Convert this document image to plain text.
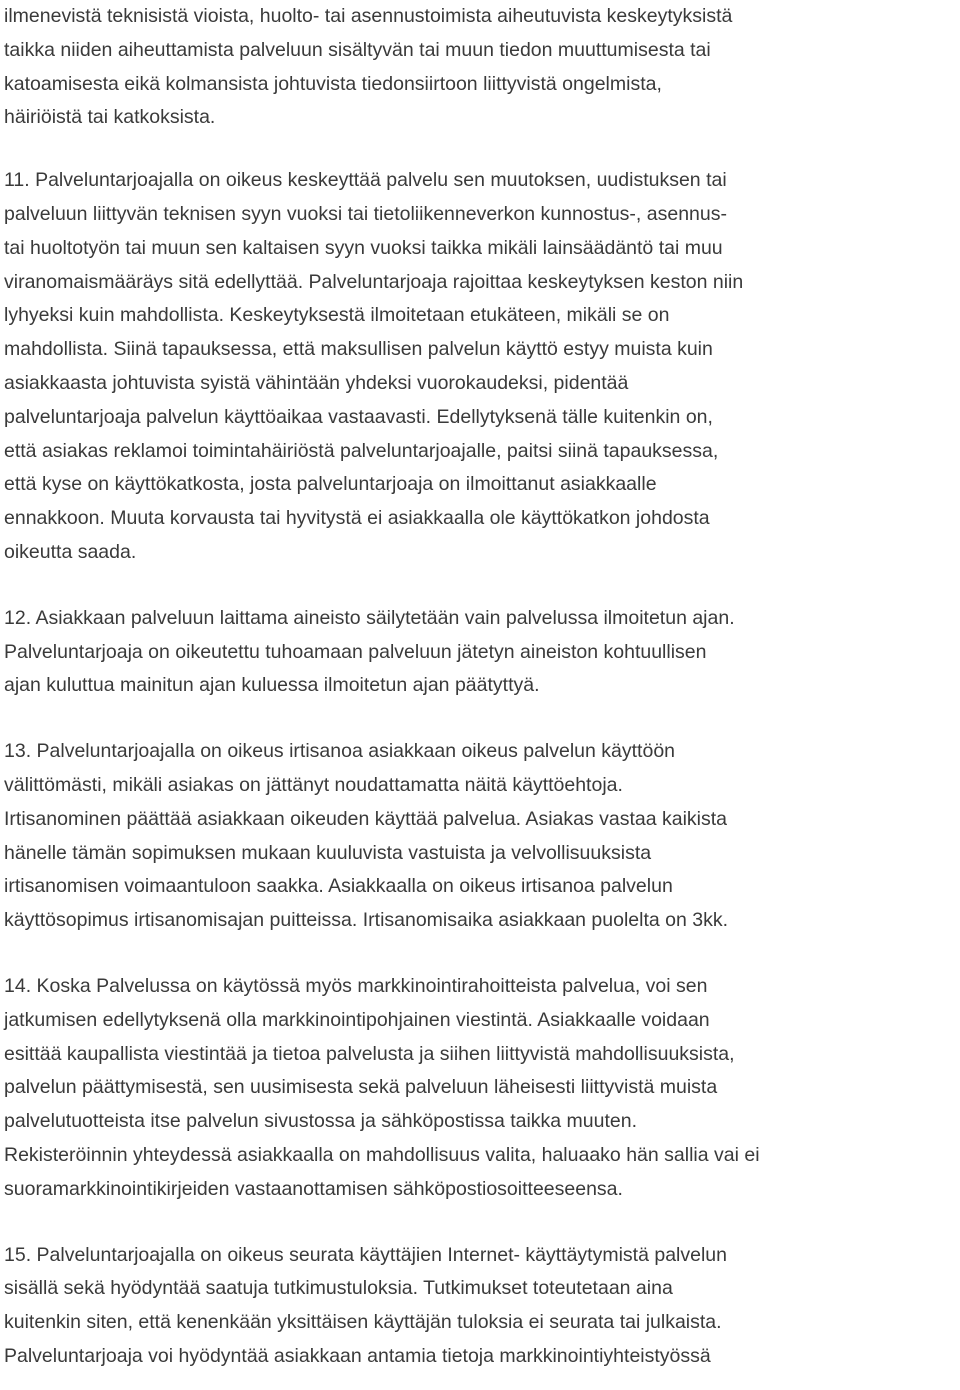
ilmenevistä teknisistä vioista, huolto- tai asennustoimista aiheutuvista keskeytyksistä
taikka niiden aiheuttamista palveluun sisältyvän tai muun tiedon muuttumisesta tai
katoamisesta eikä kolmansista johtuvista tiedonsiirtoon liittyvistä ongelmista,
häiriöistä tai katkoksista.
11. Palveluntarjoajalla on oikeus keskeyttää palvelu sen muutoksen, uudistuksen tai
palveluun liittyvän teknisen syyn vuoksi tai tietoliikenneverkon kunnostus-, asennus-
tai huoltotyön tai muun sen kaltaisen syyn vuoksi taikka mikäli lainsäädäntö tai muu
viranomaismääräys sitä edellyttää. Palveluntarjoaja rajoittaa keskeytyksen keston niin
lyhyeksi kuin mahdollista. Keskeytyksestä ilmoitetaan etukäteen, mikäli se on
mahdollista. Siinä tapauksessa, että maksullisen palvelun käyttö estyy muista kuin
asiakkaasta johtuvista syistä vähintään yhdeksi vuorokaudeksi, pidentää
palveluntarjoaja palvelun käyttöaikaa vastaavasti. Edellytyksenä tälle kuitenkin on,
että asiakas reklamoi toimintahäiriöstä palveluntarjoajalle, paitsi siinä tapauksessa,
että kyse on käyttökatkosta, josta palveluntarjoaja on ilmoittanut asiakkaalle
ennakkoon. Muuta korvausta tai hyvitystä ei asiakkaalla ole käyttökatkon johdosta
oikeutta saada.
12. Asiakkaan palveluun laittama aineisto säilytetään vain palvelussa ilmoitetun ajan.
Palveluntarjoaja on oikeutettu tuhoamaan palveluun jätetyn aineiston kohtuullisen
ajan kuluttua mainitun ajan kuluessa ilmoitetun ajan päätyttyä.
13. Palveluntarjoajalla on oikeus irtisanoa asiakkaan oikeus palvelun käyttöön
välittömästi, mikäli asiakas on jättänyt noudattamatta näitä käyttöehtoja.
Irtisanominen päättää asiakkaan oikeuden käyttää palvelua. Asiakas vastaa kaikista
hänelle tämän sopimuksen mukaan kuuluvista vastuista ja velvollisuuksista
irtisanomisen voimaantuloon saakka. Asiakkaalla on oikeus irtisanoa palvelun
käyttösopimus irtisanomisajan puitteissa. Irtisanomisaika asiakkaan puolelta on 3kk.
14. Koska Palvelussa on käytössä myös markkinointirahoitteista palvelua, voi sen
jatkumisen edellytyksenä olla markkinointipohjainen viestintä. Asiakkaalle voidaan
esittää kaupallista viestintää ja tietoa palvelusta ja siihen liittyvistä mahdollisuuksista,
palvelun päättymisestä, sen uusimisesta sekä palveluun läheisesti liittyvistä muista
palvelutuotteista itse palvelun sivustossa ja sähköpostissa taikka muuten.
Rekisteröinnin yhteydessä asiakkaalla on mahdollisuus valita, haluaako hän sallia vai ei
suoramarkkinointikirjeiden vastaanottamisen sähköpostiosoitteeseensa.
15. Palveluntarjoajalla on oikeus seurata käyttäjien Internet- käyttäytymistä palvelun
sisällä sekä hyödyntää saatuja tutkimustuloksia. Tutkimukset toteutetaan aina
kuitenkin siten, että kenenkään yksittäisen käyttäjän tuloksia ei seurata tai julkaista.
Palveluntarjoaja voi hyödyntää asiakkaan antamia tietoja markkinointiyhteistyössä
